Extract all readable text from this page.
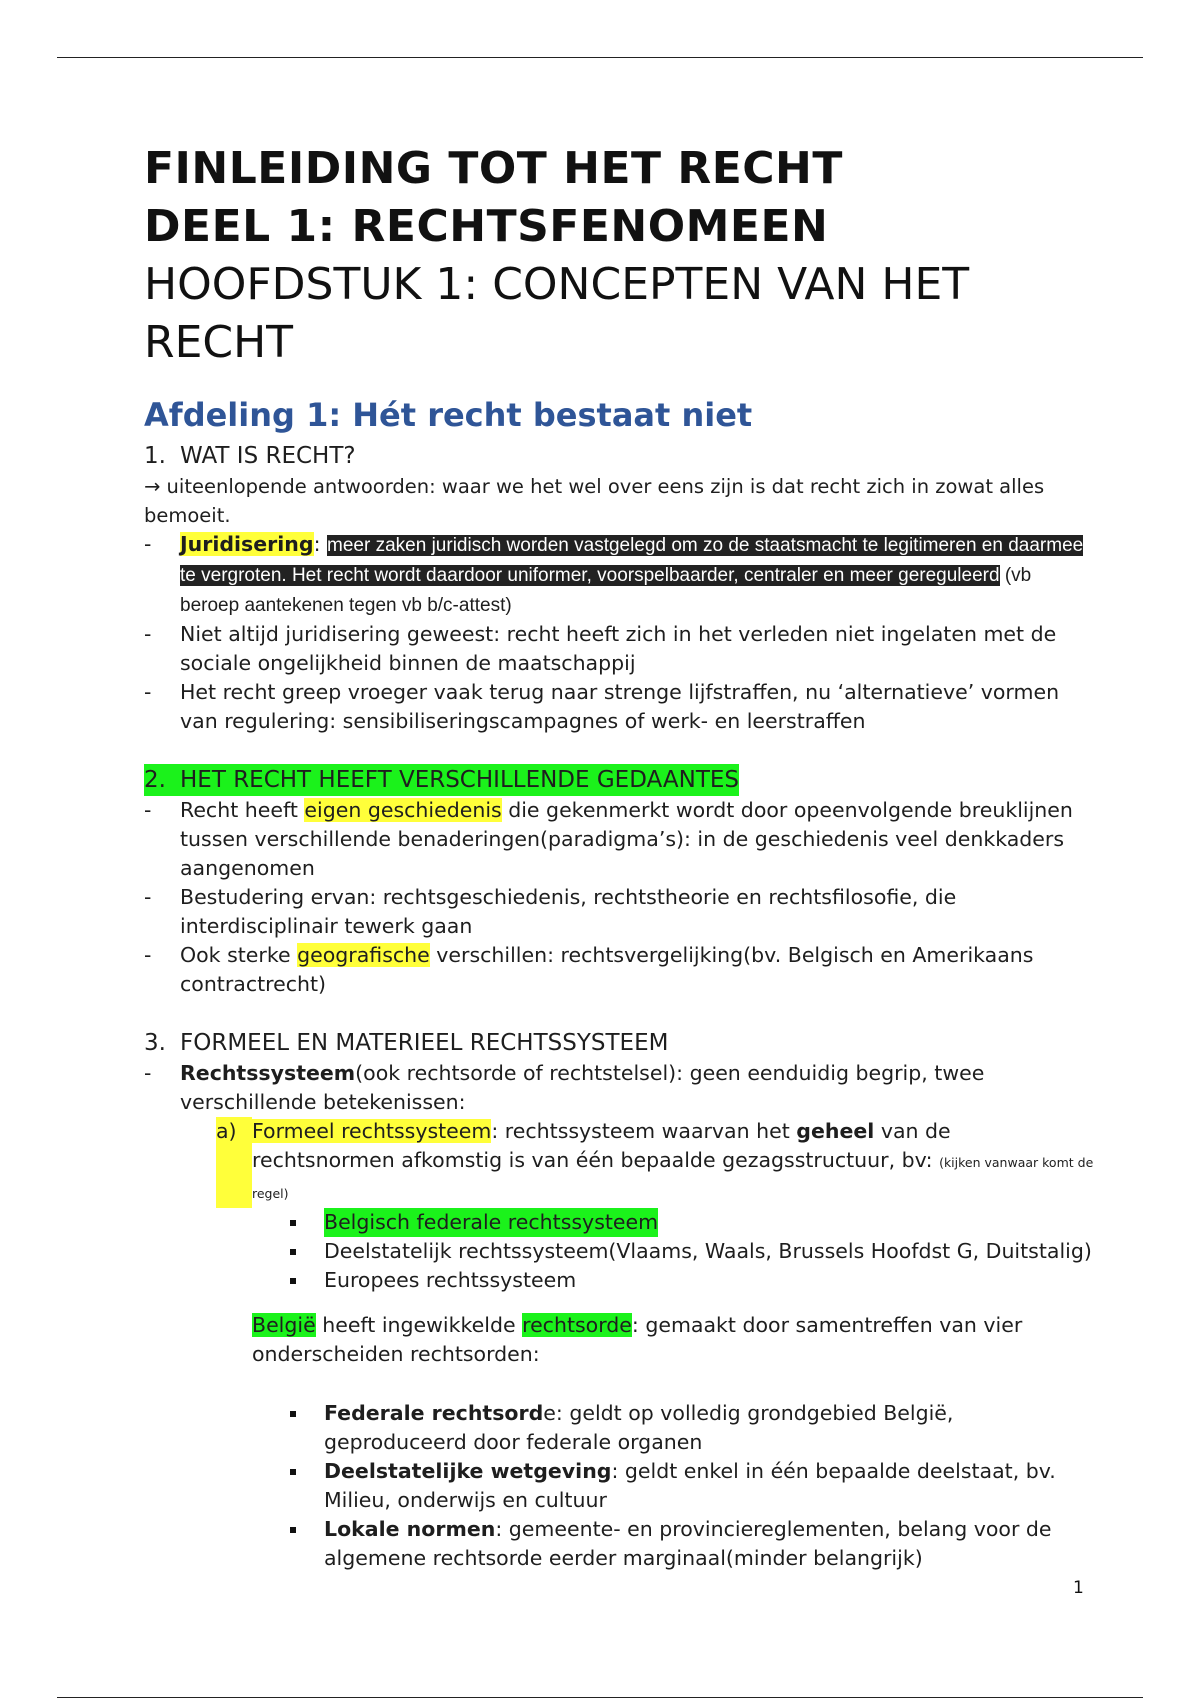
FINLEIDING TOT HET RECHT
DEEL 1: RECHTSFENOMEEN
HOOFDSTUK 1: CONCEPTEN VAN HET
RECHT
Afdeling 1: Hét recht bestaat niet
1. WAT IS RECHT?
→ uiteenlopende antwoorden: waar we het wel over eens zijn is dat recht zich in zowat alles bemoeit.
-	Juridisering: meer zaken juridisch worden vastgelegd om zo de staatsmacht te legitimeren en daarmee te vergroten. Het recht wordt daardoor uniformer, voorspelbaarder, centraler en meer gereguleerd (vb beroep aantekenen tegen vb b/c-attest)
-	Niet altijd juridisering geweest: recht heeft zich in het verleden niet ingelaten met de sociale ongelijkheid binnen de maatschappij
-	Het recht greep vroeger vaak terug naar strenge lijfstraffen, nu ‘alternatieve’ vormen van regulering: sensibiliseringscampagnes of werk- en leerstraffen
2. HET RECHT HEEFT VERSCHILLENDE GEDAANTES
-	Recht heeft eigen geschiedenis die gekenmerkt wordt door opeenvolgende breuklijnen tussen verschillende benaderingen(paradigma’s): in de geschiedenis veel denkkaders aangenomen
-	Bestudering ervan: rechtsgeschiedenis, rechtstheorie en rechtsfilosofie, die interdisciplinair tewerk gaan
-	Ook sterke geografische verschillen: rechtsvergelijking(bv. Belgisch en Amerikaans contractrecht)
3. FORMEEL EN MATERIEEL RECHTSSYSTEEM
-	Rechtssysteem(ook rechtsorde of rechtstelsel): geen eenduidig begrip, twee verschillende betekenissen:
a) Formeel rechtssysteem: rechtssysteem waarvan het geheel van de rechtsnormen afkomstig is van één bepaalde gezagsstructuur, bv: (kijken vanwaar komt de regel)
Belgisch federale rechtssysteem
Deelstatelijk rechtssysteem(Vlaams, Waals, Brussels Hoofdst G, Duitstalig)
Europees rechtssysteem
België heeft ingewikkelde rechtsorde: gemaakt door samentreffen van vier onderscheiden rechtsorden:
Federale rechtsorde: geldt op volledig grondgebied België, geproduceerd door federale organen
Deelstatelijke wetgeving: geldt enkel in één bepaalde deelstaat, bv. Milieu, onderwijs en cultuur
Lokale normen: gemeente- en provinciereglementen, belang voor de algemene rechtsorde eerder marginaal(minder belangrijk)
1
